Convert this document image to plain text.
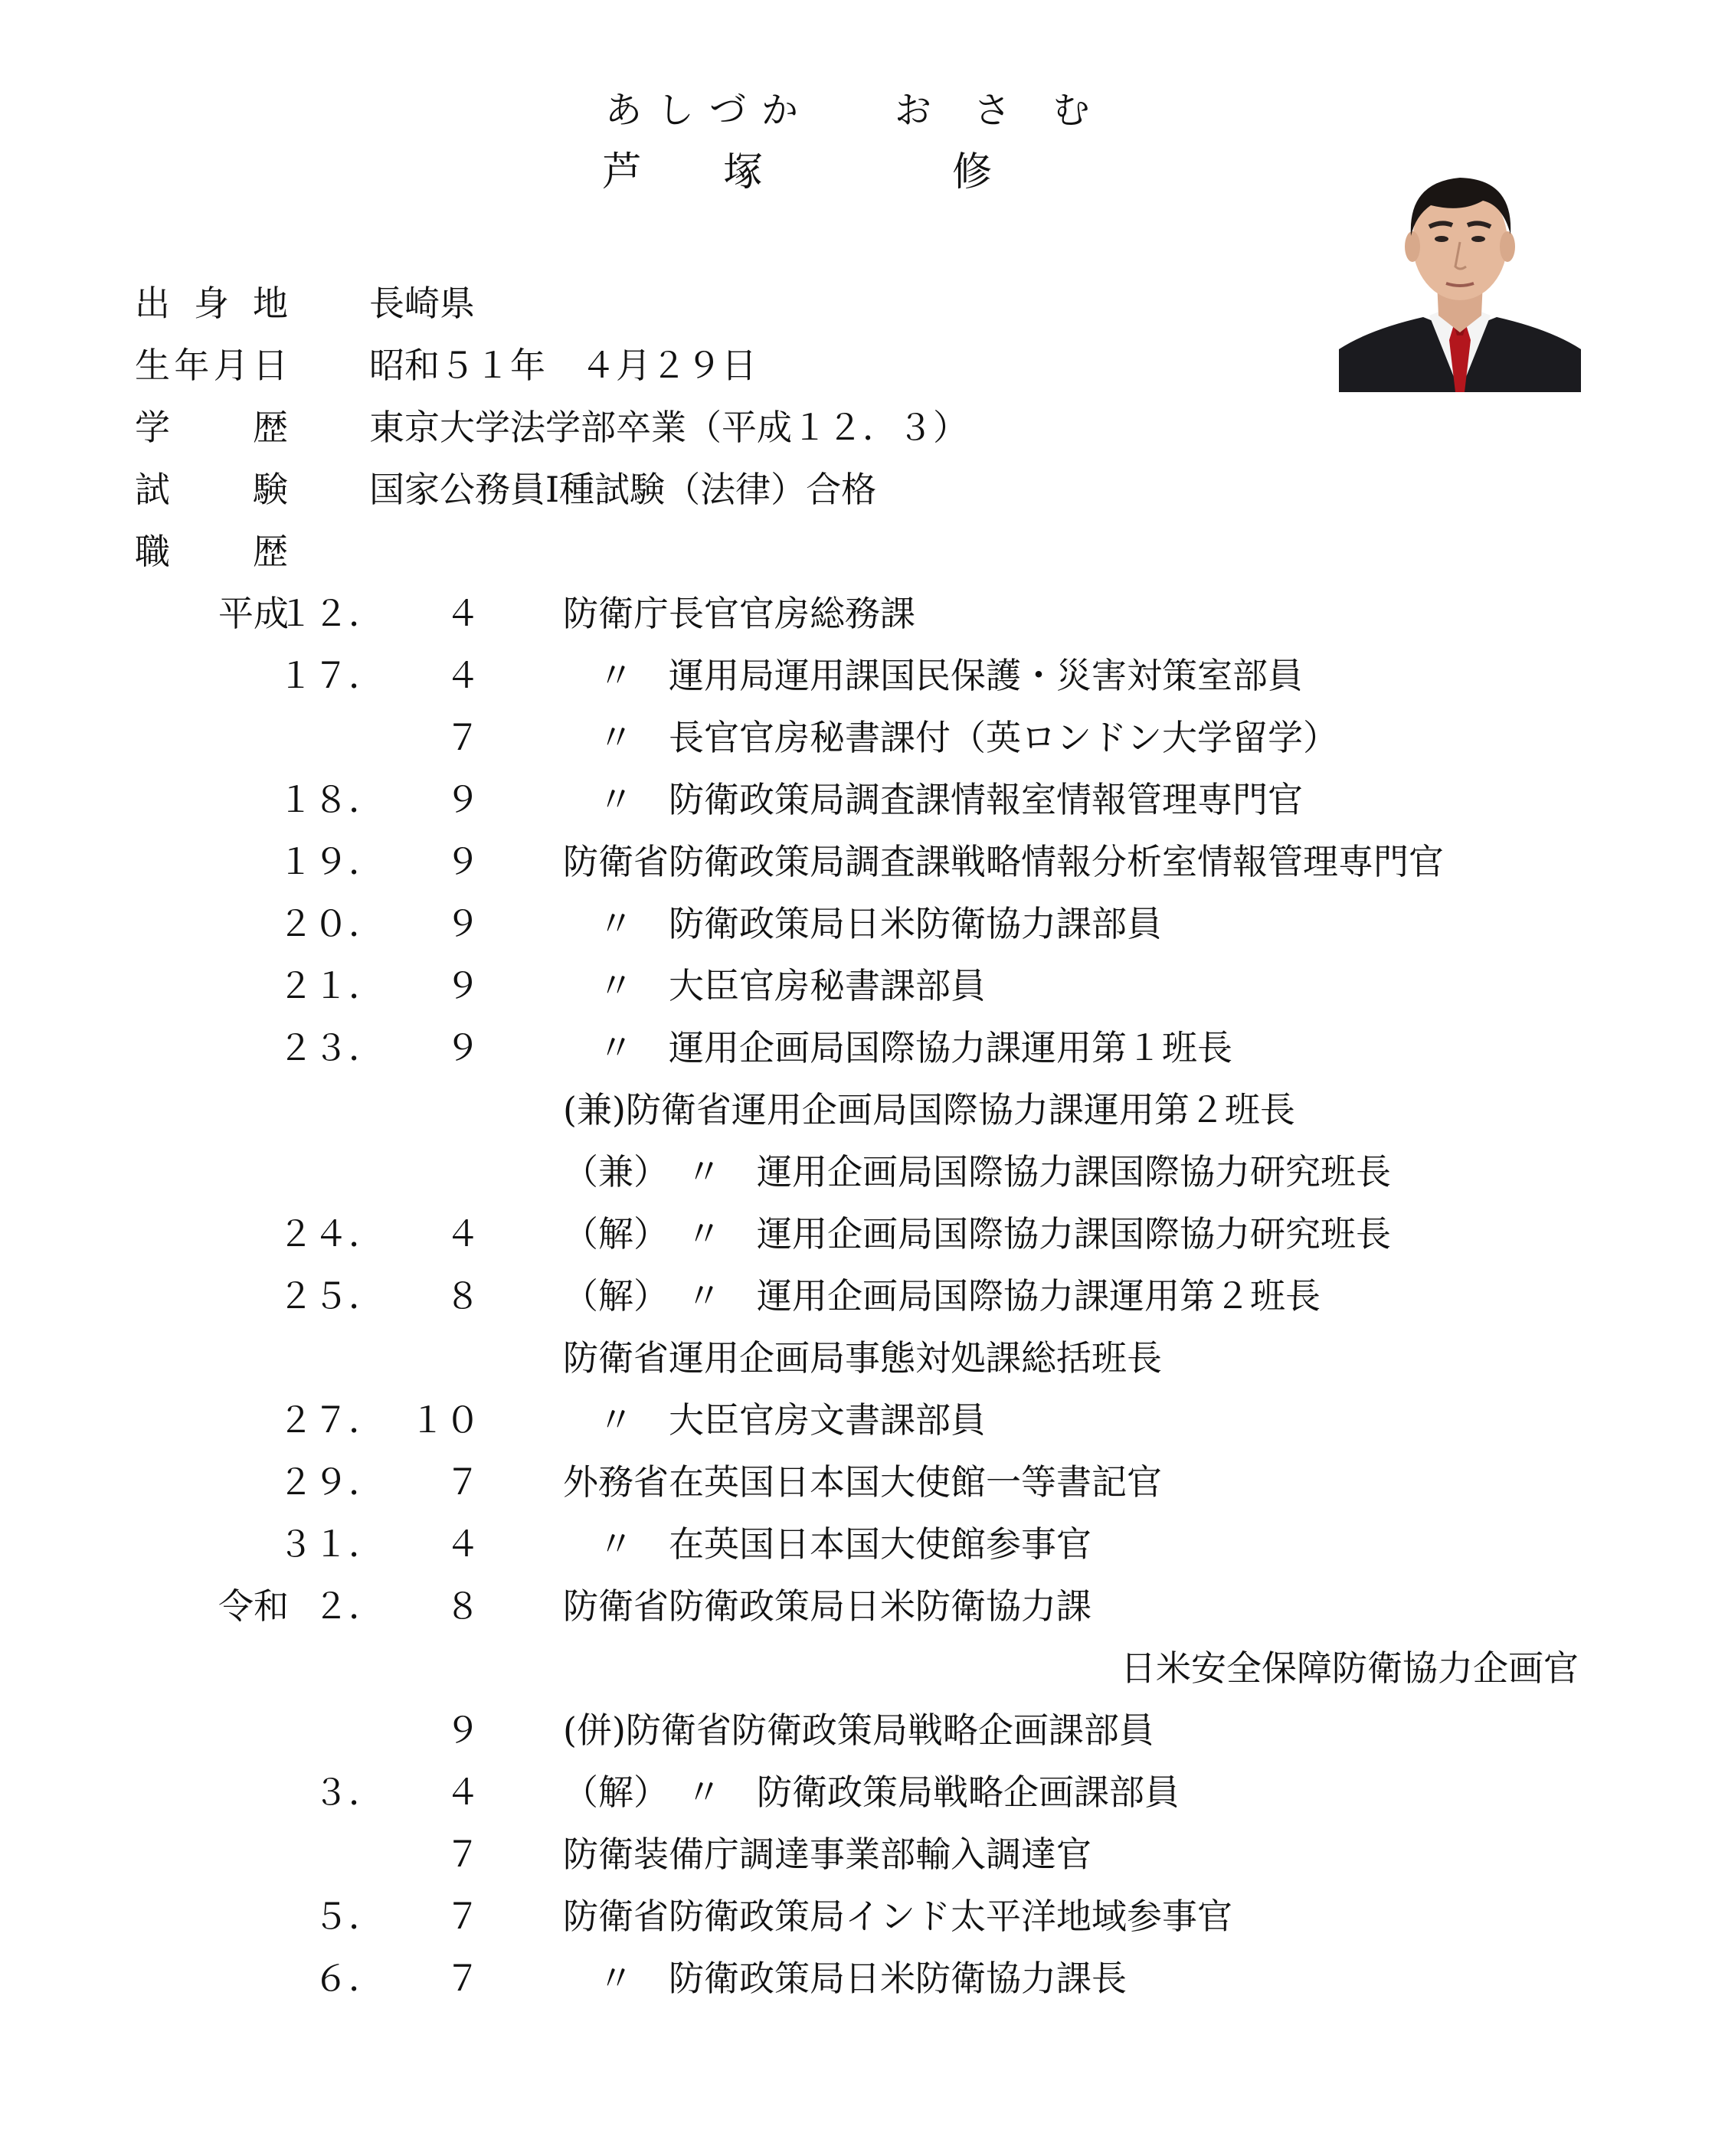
あしづか お さ む
芦 塚	修
出 身 地 長崎県
生 年 月 日 昭和５１年　４月２９日
学 歴 東京大学法学部卒業（平成１２．３）
試 験 国家公務員Ⅰ種試験（法律）合格
職 歴
平成
１２． ４ 防衛庁長官官房総務課
１７． ４ 　〃　運用局運用課国民保護・災害対策室部員
７ 　〃　長官官房秘書課付（英ロンドン大学留学）
１８． ９ 　〃　防衛政策局調査課情報室情報管理専門官
１９． ９ 防衛省防衛政策局調査課戦略情報分析室情報管理専門官
２０． ９ 　〃　防衛政策局日米防衛協力課部員
２１． ９ 　〃　大臣官房秘書課部員
２３． ９ 　〃　運用企画局国際協力課運用第１班長
(兼)防衛省運用企画局国際協力課運用第２班長
（兼）　〃　運用企画局国際協力課国際協力研究班長
２４． ４ （解）　〃　運用企画局国際協力課国際協力研究班長
２５． ８ （解）　〃　運用企画局国際協力課運用第２班長
防衛省運用企画局事態対処課総括班長
２７． １０ 　〃　大臣官房文書課部員
２９． ７ 外務省在英国日本国大使館一等書記官
３１． ４ 　〃　在英国日本国大使館参事官
令和 ２． ８ 防衛省防衛政策局日米防衛協力課
日米安全保障防衛協力企画官
９ (併)防衛省防衛政策局戦略企画課部員
３． ４ （解）　〃　防衛政策局戦略企画課部員
７ 防衛装備庁調達事業部輸入調達官
５． ７ 防衛省防衛政策局インド太平洋地域参事官
６． ７ 　〃　防衛政策局日米防衛協力課長
